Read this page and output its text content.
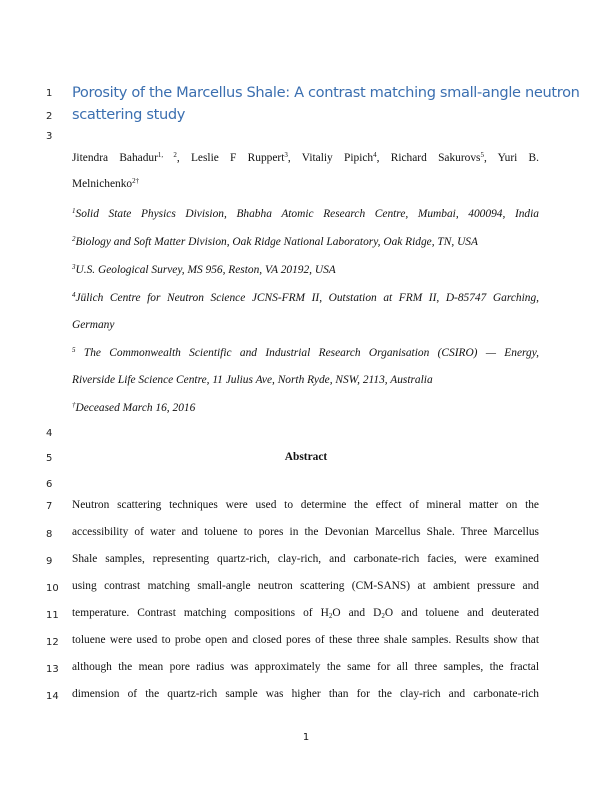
1
2
3
4
5
6
7
8
9
10
11
12
13
14
Porosity of the Marcellus Shale: A contrast matching small-angle neutron
scattering study
Jitendra Bahadur$^{1, 2}$, Leslie F Ruppert$^3$, Vitaliy Pipich$^4$, Richard Sakurovs$^5$, Yuri B.
Melnichenko$^{2\dagger}$
$^1$Solid State Physics Division, Bhabha Atomic Research Centre, Mumbai, 400094, India
$^2$Biology and Soft Matter Division, Oak Ridge National Laboratory, Oak Ridge, TN, USA
$^3$U.S. Geological Survey, MS 956, Reston, VA 20192, USA
$^4$Jülich Centre for Neutron Science JCNS-FRM II, Outstation at FRM II, D-85747 Garching,
Germany
$^5$ The Commonwealth Scientific and Industrial Research Organisation (CSIRO) — Energy,
Riverside Life Science Centre, 11 Julius Ave, North Ryde, NSW, 2113, Australia
†Deceased March 16, 2016
Abstract
Neutron scattering techniques were used to determine the effect of mineral matter on the
accessibility of water and toluene to pores in the Devonian Marcellus Shale. Three Marcellus
Shale samples, representing quartz-rich, clay-rich, and carbonate-rich facies, were examined
using contrast matching small-angle neutron scattering (CM-SANS) at ambient pressure and
temperature. Contrast matching compositions of $H_2O$ and $D_2O$ and toluene and deuterated
toluene were used to probe open and closed pores of these three shale samples. Results show that
although the mean pore radius was approximately the same for all three samples, the fractal
dimension of the quartz-rich sample was higher than for the clay-rich and carbonate-rich
1
